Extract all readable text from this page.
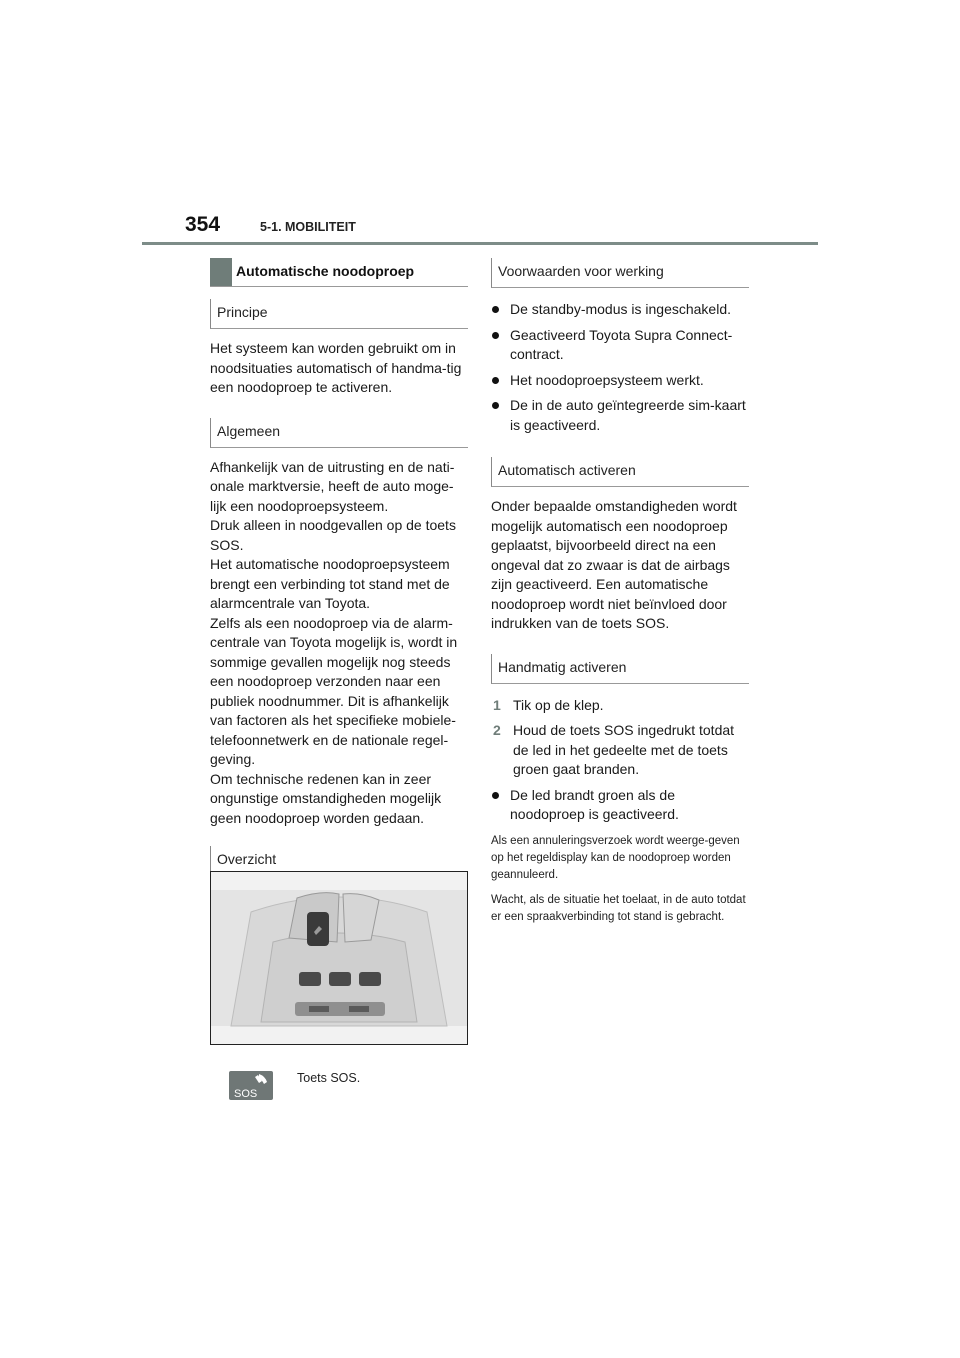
354	5-1. MOBILITEIT
Automatische noodoproep
Principe

Het systeem kan worden gebruikt om in noodsituaties automatisch of handma-tig een noodoproep te activeren.

Algemeen

Afhankelijk van de uitrusting en de nati-onale marktversie, heeft de auto moge-lijk een noodoproepsysteem.

Druk alleen in noodgevallen op de toets SOS.

Het automatische noodoproepsysteem brengt een verbinding tot stand met de alarmcentrale van Toyota.

Zelfs als een noodoproep via de alarm-centrale van Toyota mogelijk is, wordt in sommige gevallen mogelijk nog steeds een noodoproep verzonden naar een publiek noodnummer. Dit is afhankelijk van factoren als het specifieke mobiele-telefoonnetwerk en de nationale regel-geving.

Om technische redenen kan in zeer ongunstige omstandigheden mogelijk geen noodoproep worden gedaan.

Overzicht
SOS
Toets SOS.
Voorwaarden voor werking
De standby-modus is ingeschakeld.
Geactiveerd Toyota Supra Connect-contract.
Het noodoproepsysteem werkt.
De in de auto geïntegreerde sim-kaart is geactiveerd.
Automatisch activeren

Onder bepaalde omstandigheden wordt mogelijk automatisch een noodoproep geplaatst, bijvoorbeeld direct na een ongeval dat zo zwaar is dat de airbags zijn geactiveerd. Een automatische noodoproep wordt niet beïnvloed door indrukken van de toets SOS.

Handmatig activeren
1 Tik op de klep.
2 Houd de toets SOS ingedrukt totdat de led in het gedeelte met de toets groen gaat branden.
De led brandt groen als de noodoproep is geactiveerd.

Als een annuleringsverzoek wordt weerge-geven op het regeldisplay kan de noodoproep worden geannuleerd.

Wacht, als de situatie het toelaat, in de auto totdat er een spraakverbinding tot stand is gebracht.
